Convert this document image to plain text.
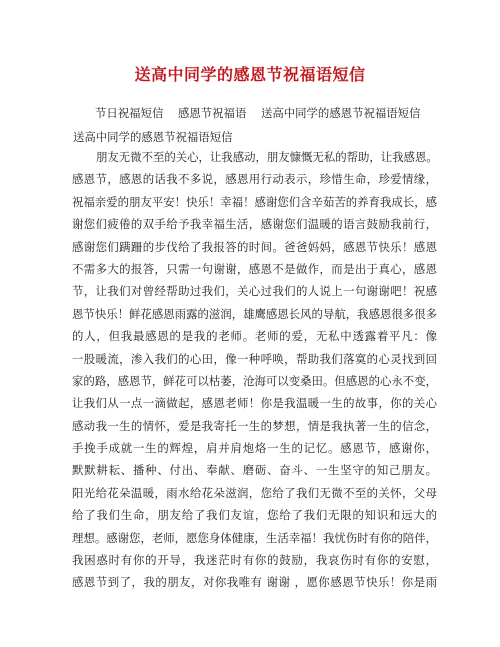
送高中同学的感恩节祝福语短信
节日祝福短信 感恩节祝福语 送高中同学的感恩节祝福语短信
送高中同学的感恩节祝福语短信
朋友无微不至的关心，让我感动，朋友慷慨无私的帮助，让我感恩。
感恩节，感恩的话我不多说，感恩用行动表示，珍惜生命，珍爱情缘，
祝福亲爱的朋友平安！快乐！幸福！感谢您们含辛茹苦的养育我成长，感
谢您们疲倦的双手给予我幸福生活，感谢您们温暖的语言鼓励我前行，
感谢您们蹒跚的步伐给了我报答的时间。爸爸妈妈，感恩节快乐！感恩
不需多大的报答，只需一句谢谢，感恩不是做作，而是出于真心，感恩
节，让我们对曾经帮助过我们，关心过我们的人说上一句谢谢吧！祝感
恩节快乐！鲜花感恩雨露的滋润，雄鹰感恩长风的导航，我感恩很多很多
的人，但我最感恩的是我的老师。老师的爱，无私中透露着平凡：像
一股暖流，渗入我们的心田，像一种呼唤，帮助我们落寞的心灵找到回
家的路，感恩节，鲜花可以枯萎，沧海可以变桑田。但感恩的心永不变，
让我们从一点一滴做起，感恩老师！你是我温暖一生的故事，你的关心
感动我一生的情怀，爱是我寄托一生的梦想，情是我执著一生的信念，
手挽手成就一生的辉煌，肩并肩炮烙一生的记忆。感恩节，感谢你，
默默耕耘、播种、付出、奉献、磨砺、奋斗、一生坚守的知己朋友。
阳光给花朵温暖，雨水给花朵滋润，您给了我们无微不至的关怀，父母
给了我们生命，朋友给了我们友谊，您给了我们无限的知识和远大的
理想。感谢您，老师，愿您身体健康，生活幸福！我忧伤时有你的陪伴，
我困惑时有你的开导，我迷茫时有你的鼓励，我哀伤时有你的安慰，
感恩节到了，我的朋友，对你我唯有 谢谢 ，愿你感恩节快乐！你是雨
